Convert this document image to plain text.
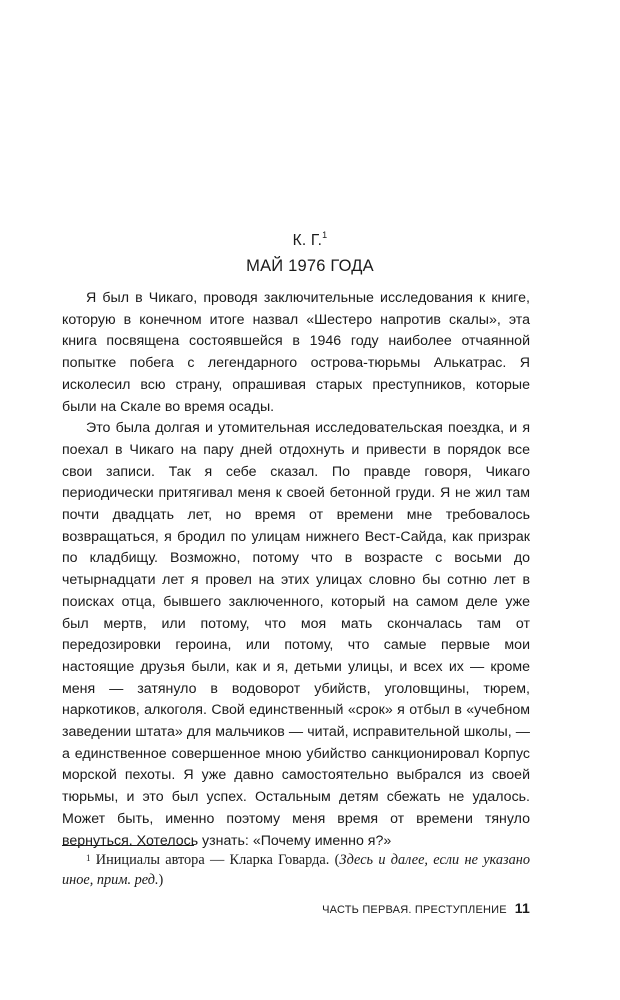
К. Г.$^1$
МАЙ 1976 ГОДА

Я был в Чикаго, проводя заключительные исследования к книге, которую в конечном итоге назвал «Шестеро напротив скалы», эта книга посвящена состоявшейся в 1946 году наиболее отчаянной попытке побега с легендарного острова-тюрьмы Алькатрас. Я исколесил всю страну, опрашивая старых преступников, которые были на Скале во время осады.

Это была долгая и утомительная исследовательская поездка, и я поехал в Чикаго на пару дней отдохнуть и привести в порядок все свои записи. Так я себе сказал. По правде говоря, Чикаго периодически притягивал меня к своей бетонной груди. Я не жил там почти двадцать лет, но время от времени мне требовалось возвращаться, я бродил по улицам нижнего Вест-Сайда, как призрак по кладбищу. Возможно, потому что в возрасте с восьми до четырнадцати лет я провел на этих улицах словно бы сотню лет в поисках отца, бывшего заключенного, который на самом деле уже был мертв, или потому, что моя мать скончалась там от передозировки героина, или потому, что самые первые мои настоящие друзья были, как и я, детьми улицы, и всех их — кроме меня — затянуло в водоворот убийств, уголовщины, тюрем, наркотиков, алкоголя. Свой единственный «срок» я отбыл в «учебном заведении штата» для мальчиков — читай, исправительной школы, — а единственное совершенное мною убийство санкционировал Корпус морской пехоты. Я уже давно самостоятельно выбрался из своей тюрьмы, и это был успех. Остальным детям сбежать не удалось. Может быть, именно поэтому меня время от времени тянуло вернуться. Хотелось узнать: «Почему именно я?»

$^1$ Инициалы автора — Кларка Говарда. (Здесь и далее, если не указано иное, прим. ред.)
ЧАСТЬ ПЕРВАЯ. ПРЕСТУПЛЕНИЕ 11
